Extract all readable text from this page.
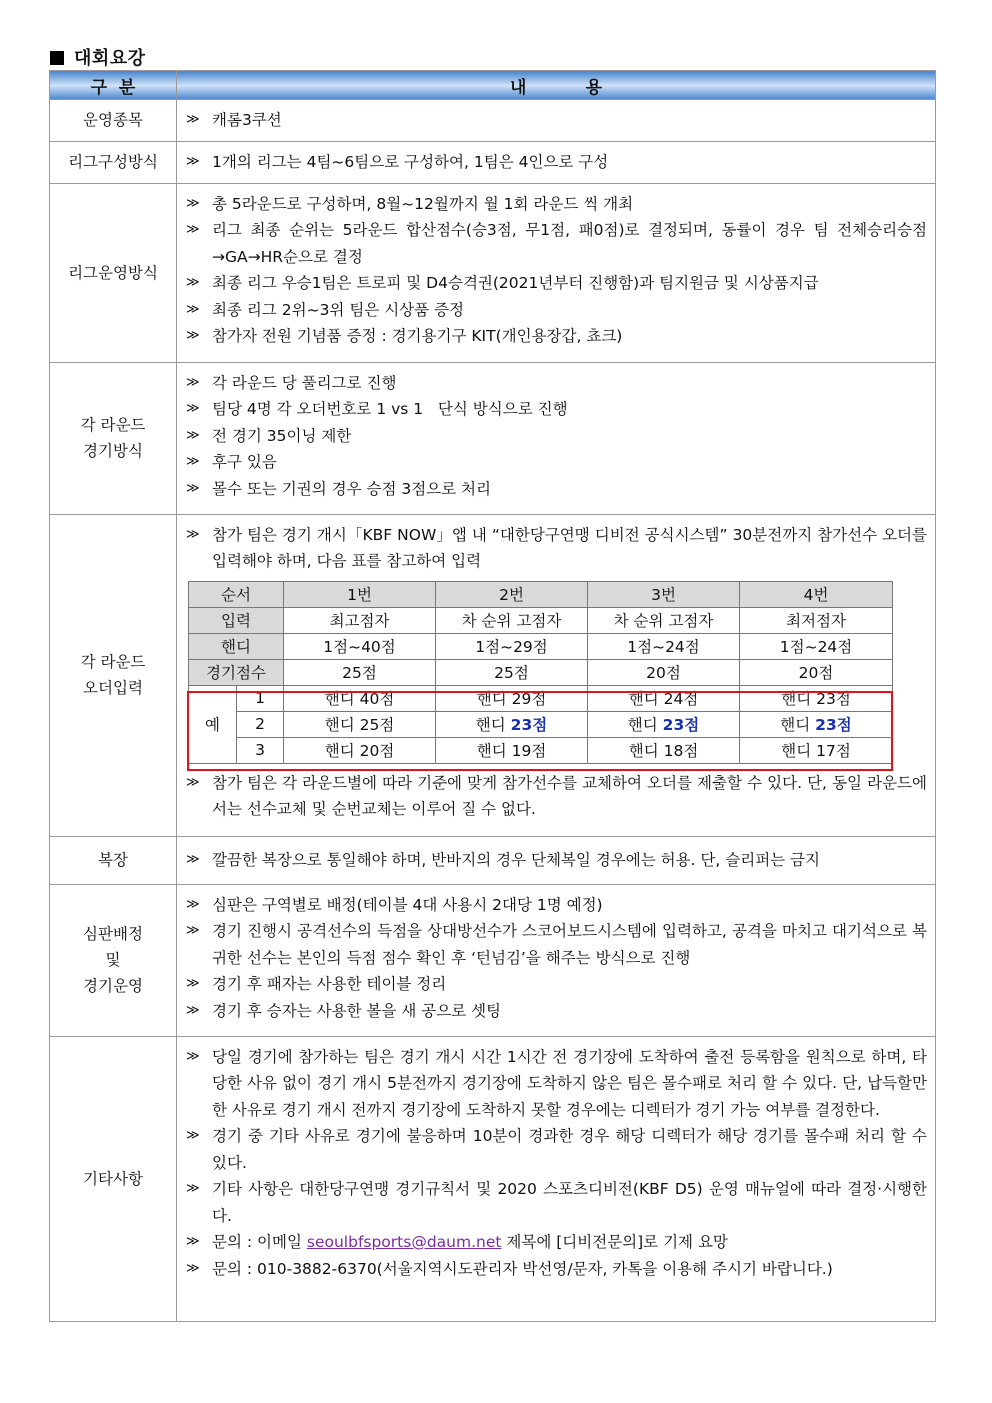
대회요강
구  분	내          용
운영종목	≫ 캐롬3쿠션

리그구성방식	≫ 1개의 리그는 4팀~6팀으로 구성하여, 1팀은 4인으로 구성

리그운영방식	
≫ 총 5라운드로 구성하며, 8월~12월까지 월 1회 라운드 씩 개최
≫ 리그 최종 순위는 5라운드 합산점수(승3점, 무1점, 패0점)로 결정되며, 동률이 경우 팀 전체승리승점→GA→HR순으로 결정
≫ 최종 리그 우승1팀은 트로피 및 D4승격권(2021년부터 진행함)과 팀지원금 및 시상품지급
≫ 최종 리그 2위~3위 팀은 시상품 증정
≫ 참가자 전원 기념품 증정 : 경기용기구 KIT(개인용장갑, 쵸크)

각 라운드
경기방식	
≫ 각 라운드 당 풀리그로 진행
≫ 팀당 4명 각 오더번호로 1 vs 1   단식 방식으로 진행
≫ 전 경기 35이닝 제한
≫ 후구 있음
≫ 몰수 또는 기권의 경우 승점 3점으로 처리

각 라운드
오더입력	
≫ 참가 팀은 경기 개시「KBF NOW」앱 내 “대한당구연맹 디비전 공식시스템” 30분전까지 참가선수 오더를 입력해야 하며, 다음 표를 참고하여 입력
순서	1번	2번	3번	4번
입력	최고점자	차 순위 고점자	차 순위 고점자	최저점자
핸디	1점~40점	1점~29점	1점~24점	1점~24점
경기점수	25점	25점	20점	20점
예	1	핸디 40점	핸디 29점	핸디 24점	핸디 23점
2	핸디 25점	핸디 23점	핸디 23점	핸디 23점
3	핸디 20점	핸디 19점	핸디 18점	핸디 17점
≫ 참가 팀은 각 라운드별에 따라 기준에 맞게 참가선수를 교체하여 오더를 제출할 수 있다. 단, 동일 라운드에서는 선수교체 및 순번교체는 이루어 질 수 없다.

복장	≫ 깔끔한 복장으로 통일해야 하며, 반바지의 경우 단체복일 경우에는 허용. 단, 슬리퍼는 금지

심판배정
및
경기운영	
≫ 심판은 구역별로 배정(테이블 4대 사용시 2대당 1명 예정)
≫ 경기 진행시 공격선수의 득점을 상대방선수가 스코어보드시스템에 입력하고, 공격을 마치고 대기석으로 복귀한 선수는 본인의 득점 점수 확인 후 ‘턴넘김’을 해주는 방식으로 진행
≫ 경기 후 패자는 사용한 테이블 정리
≫ 경기 후 승자는 사용한 볼을 새 공으로 셋팅

기타사항	
≫ 당일 경기에 참가하는 팀은 경기 개시 시간 1시간 전 경기장에 도착하여 출전 등록함을 원칙으로 하며, 타당한 사유 없이 경기 개시 5분전까지 경기장에 도착하지 않은 팀은 몰수패로 처리 할 수 있다. 단, 납득할만한 사유로 경기 개시 전까지 경기장에 도착하지 못할 경우에는 디렉터가 경기 가능 여부를 결정한다.
≫ 경기 중 기타 사유로 경기에 불응하며 10분이 경과한 경우 해당 디렉터가 해당 경기를 몰수패 처리 할 수 있다.
≫ 기타 사항은 대한당구연맹 경기규칙서 및 2020 스포츠디비전(KBF D5) 운영 매뉴얼에 따라 결정·시행한다.
≫ 문의 : 이메일 seoulbfsports@daum.net 제목에 [디비전문의]로 기제 요망
≫ 문의 : 010-3882-6370(서울지역시도관리자 박선영/문자, 카톡을 이용해 주시기 바랍니다.)
